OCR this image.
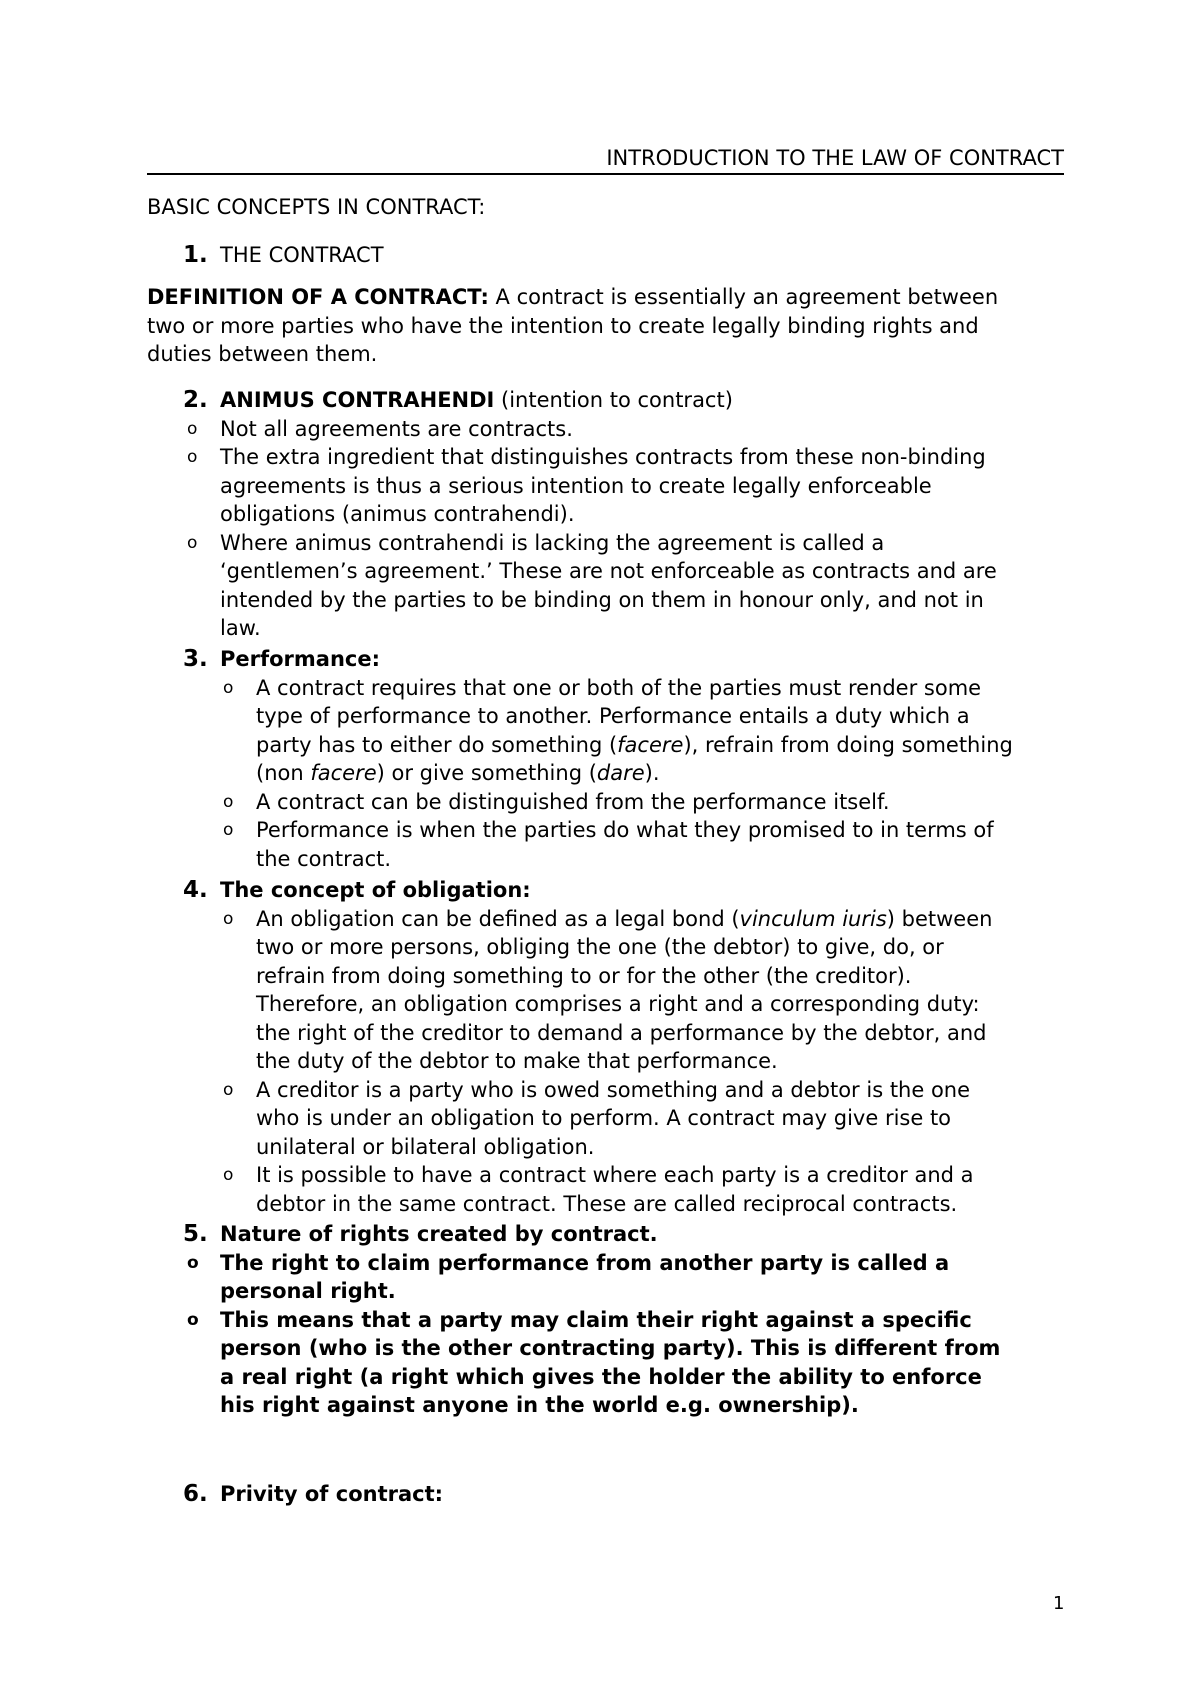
INTRODUCTION TO THE LAW OF CONTRACT
BASIC CONCEPTS IN CONTRACT:
1. THE CONTRACT
DEFINITION OF A CONTRACT: A contract is essentially an agreement between
two or more parties who have the intention to create legally binding rights and
duties between them.
2. ANIMUS CONTRAHENDI (intention to contract)
o Not all agreements are contracts.
o The extra ingredient that distinguishes contracts from these non-binding
agreements is thus a serious intention to create legally enforceable
obligations (animus contrahendi).
o Where animus contrahendi is lacking the agreement is called a
‘gentlemen’s agreement.’ These are not enforceable as contracts and are
intended by the parties to be binding on them in honour only, and not in
law.
3. Performance:
o A contract requires that one or both of the parties must render some
type of performance to another. Performance entails a duty which a
party has to either do something (facere), refrain from doing something
(non facere) or give something (dare).
o A contract can be distinguished from the performance itself.
o Performance is when the parties do what they promised to in terms of
the contract.
4. The concept of obligation:
o An obligation can be defined as a legal bond (vinculum iuris) between
two or more persons, obliging the one (the debtor) to give, do, or
refrain from doing something to or for the other (the creditor).
Therefore, an obligation comprises a right and a corresponding duty:
the right of the creditor to demand a performance by the debtor, and
the duty of the debtor to make that performance.
o A creditor is a party who is owed something and a debtor is the one
who is under an obligation to perform. A contract may give rise to
unilateral or bilateral obligation.
o It is possible to have a contract where each party is a creditor and a
debtor in the same contract. These are called reciprocal contracts.
5. Nature of rights created by contract.
o The right to claim performance from another party is called a
personal right.
o This means that a party may claim their right against a specific
person (who is the other contracting party). This is different from
a real right (a right which gives the holder the ability to enforce
his right against anyone in the world e.g. ownership).
6. Privity of contract:
1
